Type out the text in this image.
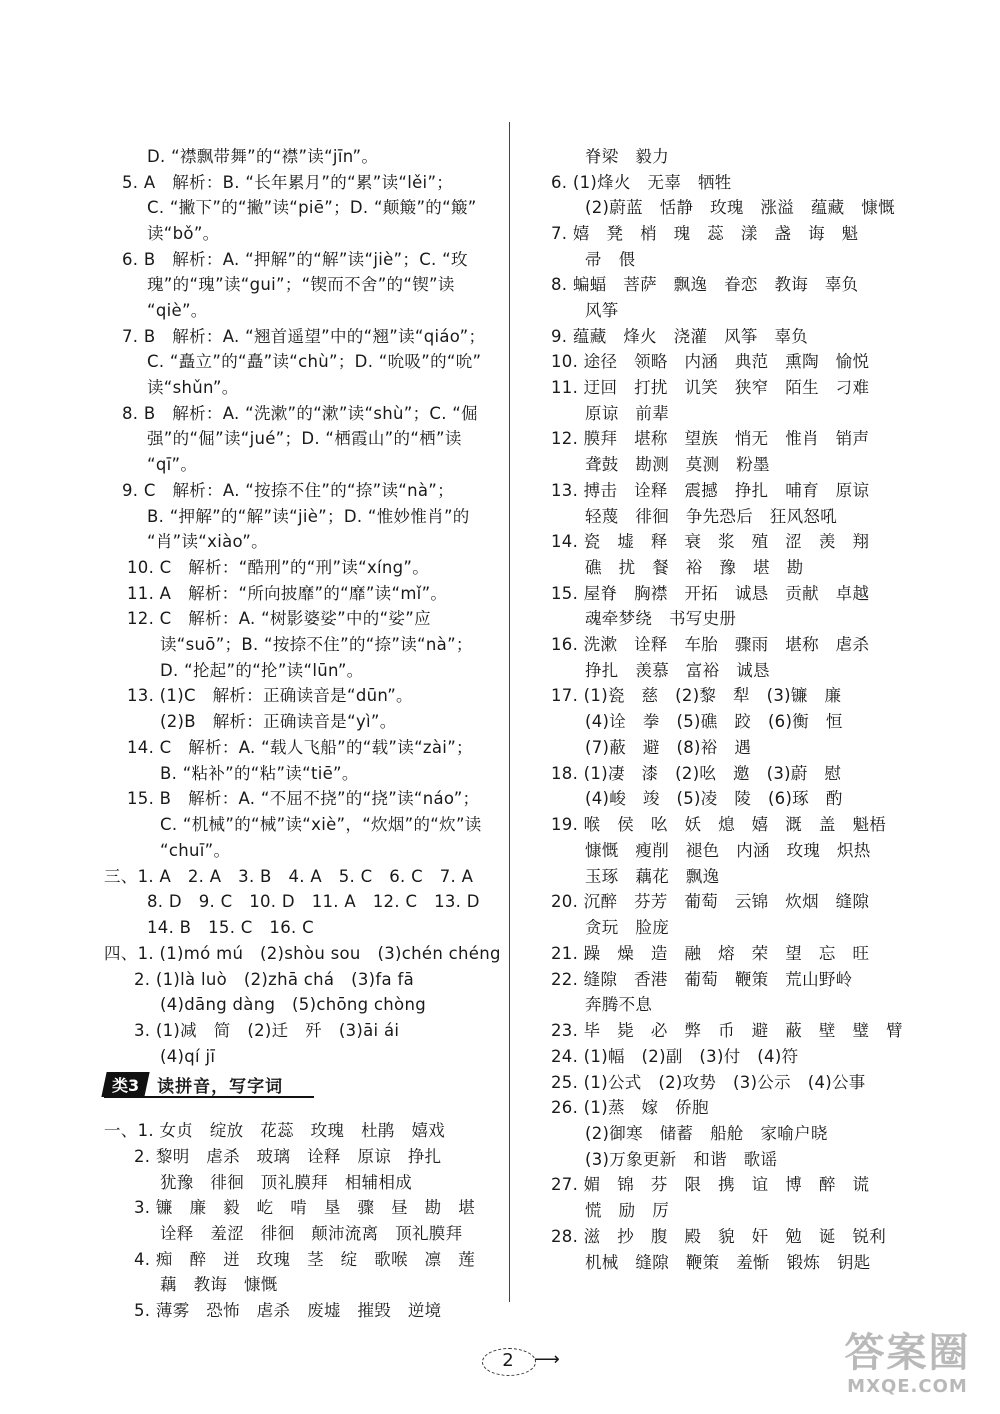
D. “襟飘带舞”的“襟”读“jīn”。
5. A　解析：B. “长年累月”的“累”读“lěi”；
C. “撇下”的“撇”读“piē”；D. “颠簸”的“簸”
读“bǒ”。
6. B　解析：A. “押解”的“解”读“jiè”；C. “玫
瑰”的“瑰”读“gui”；“锲而不舍”的“锲”读
“qiè”。
7. B　解析：A. “翘首遥望”中的“翘”读“qiáo”；
C. “矗立”的“矗”读“chù”；D. “吮吸”的“吮”
读“shǔn”。
8. B　解析：A. “洗漱”的“漱”读“shù”；C. “倔
强”的“倔”读“jué”；D. “栖霞山”的“栖”读
“qī”。
9. C　解析：A. “按捺不住”的“捺”读“nà”；
B. “押解”的“解”读“jiè”；D. “惟妙惟肖”的
“肖”读“xiào”。
10. C　解析：“酷刑”的“刑”读“xíng”。
11. A　解析：“所向披靡”的“靡”读“mǐ”。
12. C　解析：A. “树影婆娑”中的“娑”应
读“suō”；B. “按捺不住”的“捺”读“nà”；
D. “抡起”的“抡”读“lūn”。
13. (1)C　解析：正确读音是“dūn”。
(2)B　解析：正确读音是“yì”。
14. C　解析：A. “载人飞船”的“载”读“zài”；
B. “粘补”的“粘”读“tiē”。
15. B　解析：A. “不屈不挠”的“挠”读“náo”；
C. “机械”的“械”读“xiè”，“炊烟”的“炊”读
“chuī”。
三、1. A　2. A　3. B　4. A　5. C　6. C　7. A
8. D　9. C　10. D　11. A　12. C　13. D
14. B　15. C　16. C
四、1. (1)mó mú　(2)shòu sou　(3)chén chéng
2. (1)là luò　(2)zhā chá　(3)fa fā
(4)dāng dàng　(5)chōng chòng
3. (1)减　简　(2)迁　歼　(3)āi ái
(4)qí jī
一、1. 女贞　绽放　花蕊　玫瑰　杜鹃　嬉戏
2. 黎明　虐杀　玻璃　诠释　原谅　挣扎
犹豫　徘徊　顶礼膜拜　相辅相成
3. 镰　廉　毅　屹　啃　垦　骤　昼　勘　堪
诠释　羞涩　徘徊　颠沛流离　顶礼膜拜
4. 痴　醉　迸　玫瑰　茎　绽　歌喉　凛　莲
藕　教诲　慷慨
5. 薄雾　恐怖　虐杀　废墟　摧毁　逆境
类3	读拼音，写字词
脊梁　毅力
6. (1)烽火　无辜　牺牲
(2)蔚蓝　恬静　玫瑰　涨溢　蕴藏　慷慨
7. 嬉　凳　梢　瑰　蕊　漾　盏　诲　魁
帚　偎
8. 蝙蝠　菩萨　飘逸　眷恋　教诲　辜负
风筝
9. 蕴藏　烽火　浇灌　风筝　辜负
10. 途径　领略　内涵　典范　熏陶　愉悦
11. 迂回　打扰　讥笑　狭窄　陌生　刁难
原谅　前辈
12. 膜拜　堪称　望族　悄无　惟肖　销声
聋鼓　勘测　莫测　粉墨
13. 搏击　诠释　震撼　挣扎　哺育　原谅
轻蔑　徘徊　争先恐后　狂风怒吼
14. 瓷　墟　释　衰　浆　殖　涩　羡　翔
礁　扰　餐　裕　豫　堪　勘
15. 屋脊　胸襟　开拓　诚恳　贡献　卓越
魂牵梦绕　书写史册
16. 洗漱　诠释　车胎　骤雨　堪称　虐杀
挣扎　羡慕　富裕　诚恳
17. (1)瓷　慈　(2)黎　犁　(3)镰　廉
(4)诠　拳　(5)礁　跤　(6)衡　恒
(7)蔽　避　(8)裕　遇
18. (1)凄　漆　(2)吆　邀　(3)蔚　慰
(4)峻　竣　(5)凌　陵　(6)琢　酌
19. 喉　侯　吆　妖　熄　嬉　溉　盖　魁梧
慷慨　瘦削　褪色　内涵　玫瑰　炽热
玉琢　藕花　飘逸
20. 沉醉　芬芳　葡萄　云锦　炊烟　缝隙
贪玩　脸庞
21. 躁　燥　造　融　熔　荣　望　忘　旺
22. 缝隙　香港　葡萄　鞭策　荒山野岭
奔腾不息
23. 毕　毙　必　弊　币　避　蔽　壁　璧　臂
24. (1)幅　(2)副　(3)付　(4)符
25. (1)公式　(2)攻势　(3)公示　(4)公事
26. (1)蒸　嫁　侨胞
(2)御寒　储蓄　船舱　家喻户晓
(3)万象更新　和谐　歌谣
27. 媚　锦　芬　限　携　谊　博　醉　谎
慌　励　厉
28. 滋　抄　腹　殿　貌　奸　勉　诞　锐利
机械　缝隙　鞭策　羞惭　锻炼　钥匙
2	⟶	答案圈
MXQE.COM
